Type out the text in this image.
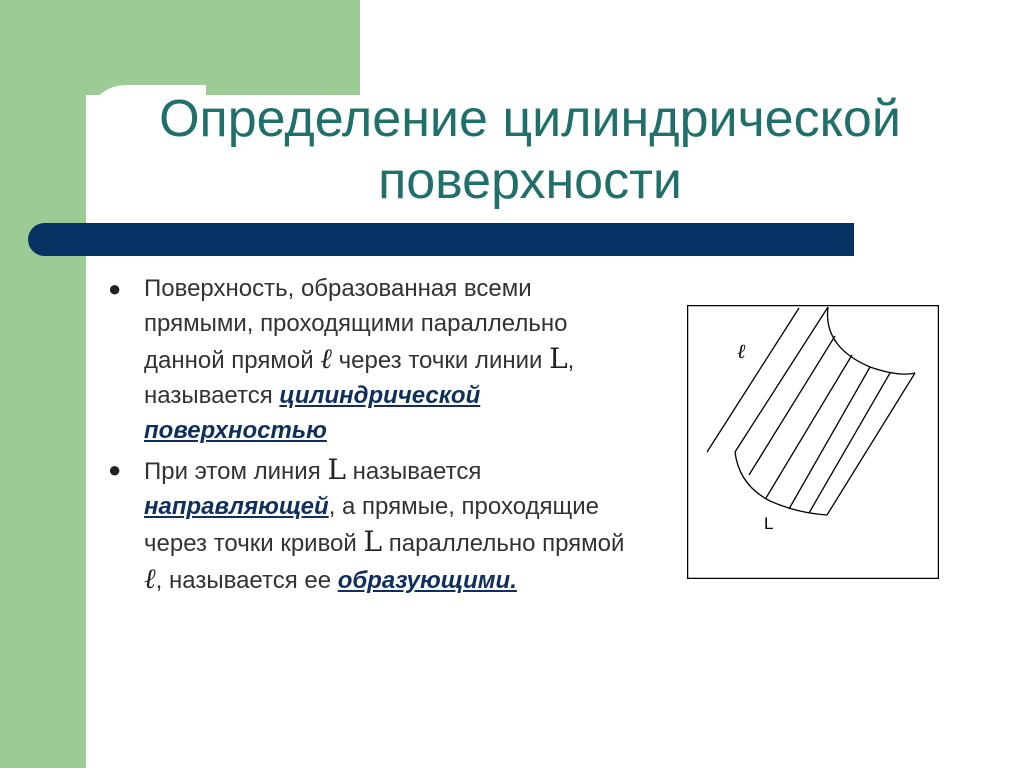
Определение цилиндрической
поверхности
● Поверхность, образованная всеми прямыми, проходящими параллельно данной прямой ℓ через точки линии L, называется цилиндрической поверхностью
● При этом линия L называется направляющей, а прямые, проходящие через точки кривой L параллельно прямой ℓ, называется ее образующими.
ℓ
L
